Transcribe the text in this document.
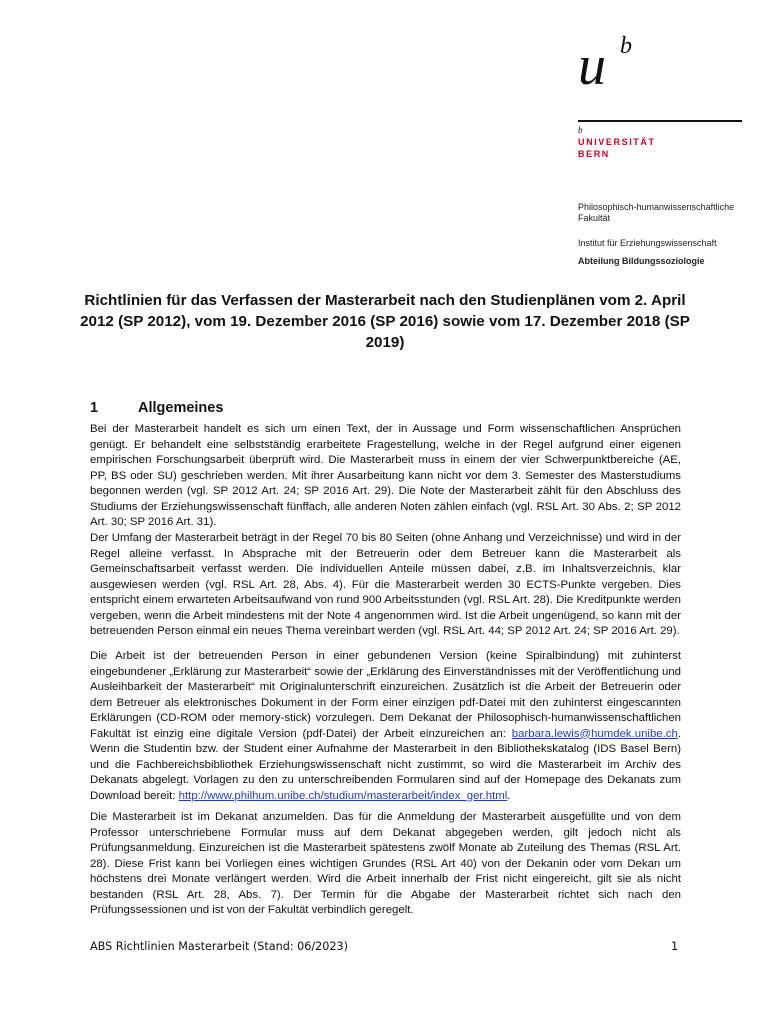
u b
b
UNIVERSITÄT
BERN
Philosophisch-humanwissenschaftliche Fakultät
Institut für Erziehungswissenschaft
Abteilung Bildungssoziologie
Richtlinien für das Verfassen der Masterarbeit nach den Studienplänen vom 2. April 2012 (SP 2012), vom 19. Dezember 2016 (SP 2016) sowie vom 17. Dezember 2018 (SP 2019)
1	Allgemeines

Bei der Masterarbeit handelt es sich um einen Text, der in Aussage und Form wissenschaftlichen Ansprüchen genügt. Er behandelt eine selbstständig erarbeitete Fragestellung, welche in der Regel aufgrund einer eigenen empirischen Forschungsarbeit überprüft wird. Die Masterarbeit muss in einem der vier Schwerpunktbereiche (AE, PP, BS oder SU) geschrieben werden. Mit ihrer Ausarbeitung kann nicht vor dem 3. Semester des Masterstudiums begonnen werden (vgl. SP 2012 Art. 24; SP 2016 Art. 29). Die Note der Masterarbeit zählt für den Abschluss des Studiums der Erziehungswissenschaft fünffach, alle anderen Noten zählen einfach (vgl. RSL Art. 30 Abs. 2; SP 2012 Art. 30; SP 2016 Art. 31).

Der Umfang der Masterarbeit beträgt in der Regel 70 bis 80 Seiten (ohne Anhang und Verzeichnisse) und wird in der Regel alleine verfasst. In Absprache mit der Betreuerin oder dem Betreuer kann die Masterarbeit als Gemeinschaftsarbeit verfasst werden. Die individuellen Anteile müssen dabei, z.B. im Inhaltsverzeichnis, klar ausgewiesen werden (vgl. RSL Art. 28, Abs. 4). Für die Masterarbeit werden 30 ECTS-Punkte vergeben. Dies entspricht einem erwarteten Arbeitsaufwand von rund 900 Arbeitsstunden (vgl. RSL Art. 28). Die Kreditpunkte werden vergeben, wenn die Arbeit mindestens mit der Note 4 angenommen wird. Ist die Arbeit ungenügend, so kann mit der betreuenden Person einmal ein neues Thema vereinbart werden (vgl. RSL Art. 44; SP 2012 Art. 24; SP 2016 Art. 29).

Die Arbeit ist der betreuenden Person in einer gebundenen Version (keine Spiralbindung) mit zuhinterst eingebundener „Erklärung zur Masterarbeit“ sowie der „Erklärung des Einverständnisses mit der Veröffentlichung und Ausleihbarkeit der Masterarbeit“ mit Originalunterschrift einzureichen. Zusätzlich ist die Arbeit der Betreuerin oder dem Betreuer als elektronisches Dokument in der Form einer einzigen pdf-Datei mit den zuhinterst eingescannten Erklärungen (CD-ROM oder memory-stick) vorzulegen. Dem Dekanat der Philosophisch-humanwissenschaftlichen Fakultät ist einzig eine digitale Version (pdf-Datei) der Arbeit einzureichen an: barbara.lewis@humdek.unibe.ch. Wenn die Studentin bzw. der Student einer Aufnahme der Masterarbeit in den Bibliothekskatalog (IDS Basel Bern) und die Fachbereichsbibliothek Erziehungswissenschaft nicht zustimmt, so wird die Masterarbeit im Archiv des Dekanats abgelegt. Vorlagen zu den zu unterschreibenden Formularen sind auf der Homepage des Dekanats zum Download bereit: http://www.philhum.unibe.ch/studium/masterarbeit/index_ger.html.

Die Masterarbeit ist im Dekanat anzumelden. Das für die Anmeldung der Masterarbeit ausgefüllte und von dem Professor unterschriebene Formular muss auf dem Dekanat abgegeben werden, gilt jedoch nicht als Prüfungsanmeldung. Einzureichen ist die Masterarbeit spätestens zwölf Monate ab Zuteilung des Themas (RSL Art. 28). Diese Frist kann bei Vorliegen eines wichtigen Grundes (RSL Art 40) von der Dekanin oder vom Dekan um höchstens drei Monate verlängert werden. Wird die Arbeit innerhalb der Frist nicht eingereicht, gilt sie als nicht bestanden (RSL Art. 28, Abs. 7). Der Termin für die Abgabe der Masterarbeit richtet sich nach den Prüfungssessionen und ist von der Fakultät verbindlich geregelt.

ABS Richtlinien Masterarbeit (Stand: 06/2023)	1
